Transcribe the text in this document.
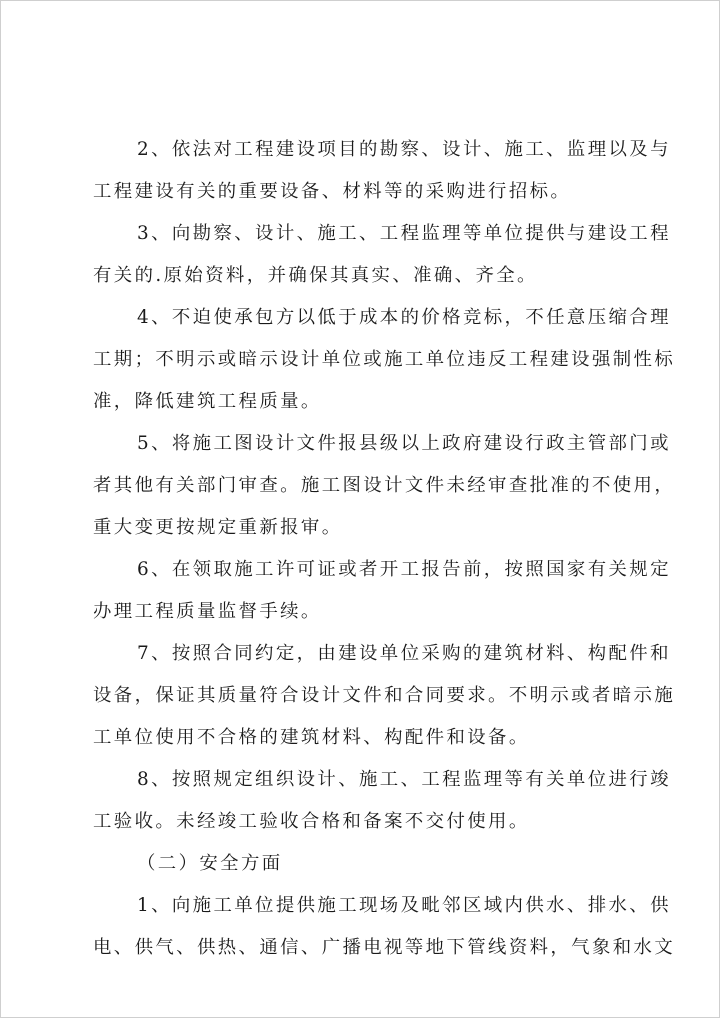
2、依法对工程建设项目的勘察、设计、施工、监理以及与
工程建设有关的重要设备、材料等的采购进行招标。
3、向勘察、设计、施工、工程监理等单位提供与建设工程
有关的.原始资料，并确保其真实、准确、齐全。
4、不迫使承包方以低于成本的价格竞标，不任意压缩合理
工期；不明示或暗示设计单位或施工单位违反工程建设强制性标
准，降低建筑工程质量。
5、将施工图设计文件报县级以上政府建设行政主管部门或
者其他有关部门审查。施工图设计文件未经审查批准的不使用，
重大变更按规定重新报审。
6、在领取施工许可证或者开工报告前，按照国家有关规定
办理工程质量监督手续。
7、按照合同约定，由建设单位采购的建筑材料、构配件和
设备，保证其质量符合设计文件和合同要求。不明示或者暗示施
工单位使用不合格的建筑材料、构配件和设备。
8、按照规定组织设计、施工、工程监理等有关单位进行竣
工验收。未经竣工验收合格和备案不交付使用。
（二）安全方面
1、向施工单位提供施工现场及毗邻区域内供水、排水、供
电、供气、供热、通信、广播电视等地下管线资料，气象和水文
